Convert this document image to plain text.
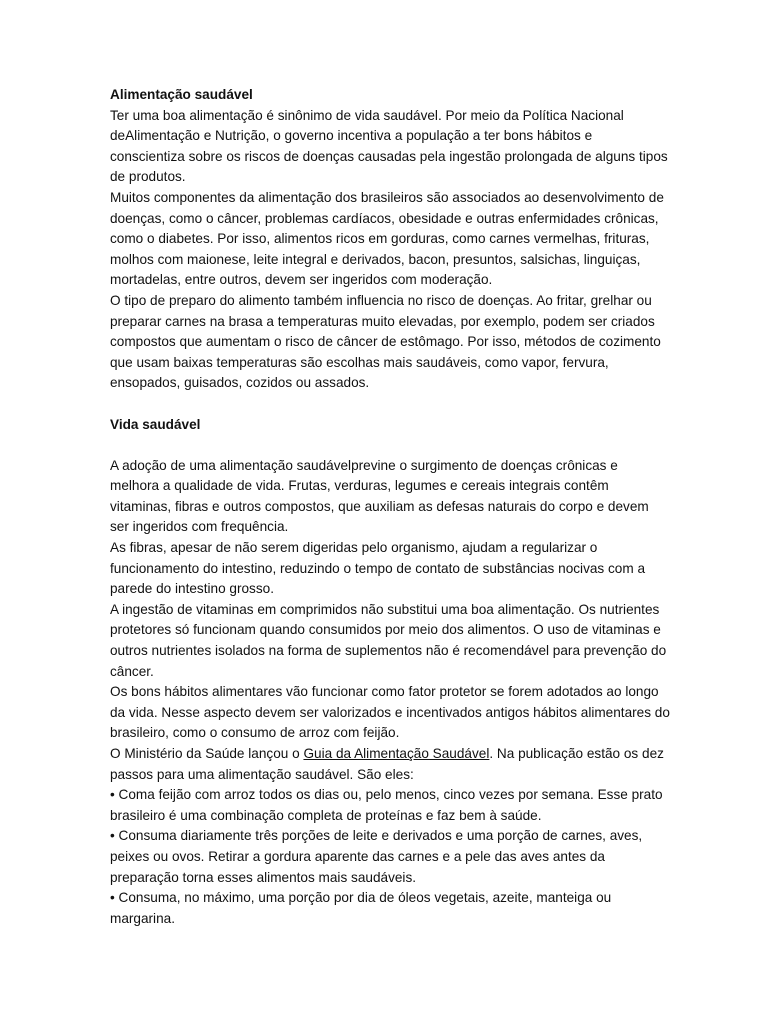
Alimentação saudável

Ter uma boa alimentação é sinônimo de vida saudável. Por meio da Política Nacional deAlimentação e Nutrição, o governo incentiva a população a ter bons hábitos e conscientiza sobre os riscos de doenças causadas pela ingestão prolongada de alguns tipos de produtos.

Muitos componentes da alimentação dos brasileiros são associados ao desenvolvimento de doenças, como o câncer, problemas cardíacos, obesidade e outras enfermidades crônicas, como o diabetes. Por isso, alimentos ricos em gorduras, como carnes vermelhas, frituras, molhos com maionese, leite integral e derivados, bacon, presuntos, salsichas, linguiças, mortadelas, entre outros, devem ser ingeridos com moderação.

O tipo de preparo do alimento também influencia no risco de doenças. Ao fritar, grelhar ou preparar carnes na brasa a temperaturas muito elevadas, por exemplo, podem ser criados compostos que aumentam o risco de câncer de estômago. Por isso, métodos de cozimento que usam baixas temperaturas são escolhas mais saudáveis, como vapor, fervura, ensopados, guisados, cozidos ou assados.

Vida saudável

A adoção de uma alimentação saudávelprevine o surgimento de doenças crônicas e melhora a qualidade de vida. Frutas, verduras, legumes e cereais integrais contêm vitaminas, fibras e outros compostos, que auxiliam as defesas naturais do corpo e devem ser ingeridos com frequência.

As fibras, apesar de não serem digeridas pelo organismo, ajudam a regularizar o funcionamento do intestino, reduzindo o tempo de contato de substâncias nocivas com a parede do intestino grosso.

A ingestão de vitaminas em comprimidos não substitui uma boa alimentação. Os nutrientes protetores só funcionam quando consumidos por meio dos alimentos. O uso de vitaminas e outros nutrientes isolados na forma de suplementos não é recomendável para prevenção do câncer.

Os bons hábitos alimentares vão funcionar como fator protetor se forem adotados ao longo da vida. Nesse aspecto devem ser valorizados e incentivados antigos hábitos alimentares do brasileiro, como o consumo de arroz com feijão.

O Ministério da Saúde lançou o Guia da Alimentação Saudável. Na publicação estão os dez passos para uma alimentação saudável. São eles:

• Coma feijão com arroz todos os dias ou, pelo menos, cinco vezes por semana. Esse prato brasileiro é uma combinação completa de proteínas e faz bem à saúde.

• Consuma diariamente três porções de leite e derivados e uma porção de carnes, aves, peixes ou ovos. Retirar a gordura aparente das carnes e a pele das aves antes da preparação torna esses alimentos mais saudáveis.

• Consuma, no máximo, uma porção por dia de óleos vegetais, azeite, manteiga ou margarina.
